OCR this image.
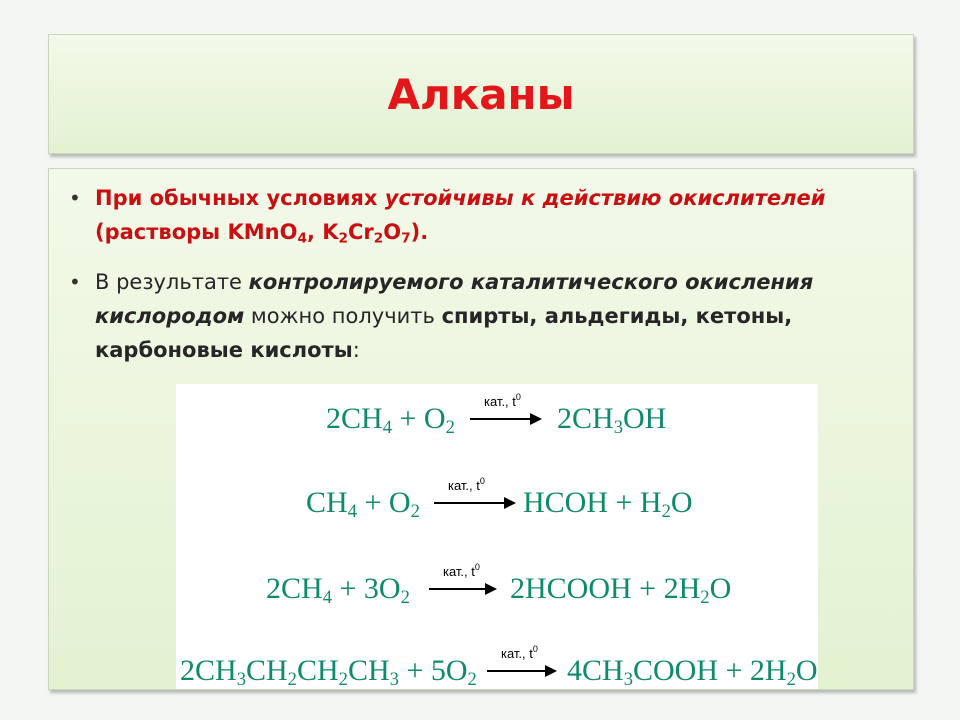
Алканы
• При обычных условиях устойчивы к действию окислителей (растворы KMnO$_4$, $K_2Cr_2O_7$).
• В результате контролируемого каталитического окисления кислородом можно получить спирты, альдегиды, кетоны, карбоновые кислоты:
$2CH_4 + O_2$
кат., $t^0$
$2CH_3OH$
$CH_4 + O_2$
кат., $t^0$
HCOH + $H_2O$
$2CH_4 + 3O_2$
кат., $t^0$
2HCOOH + $2H_2O$
$2CH_3CH_2CH_2CH_3 + 5O_2$
кат., $t^0$
$4CH_3COOH + 2H_2O$
